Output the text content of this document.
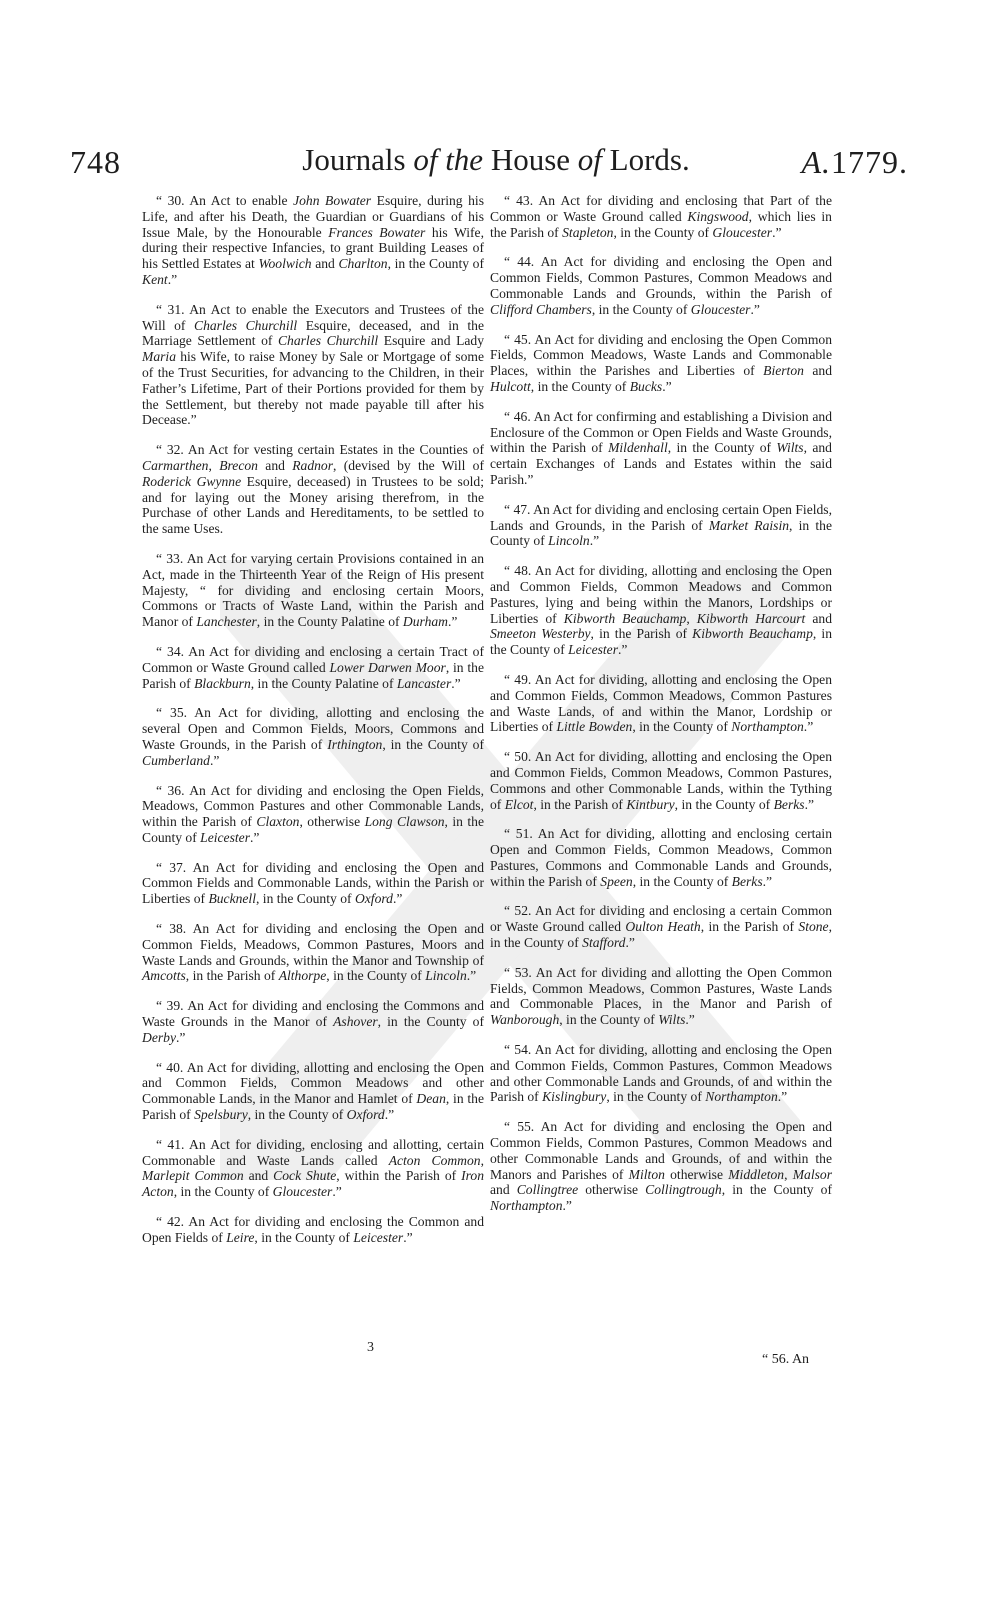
748	Journals of the House of Lords.	A.1779.

“ 30. An Act to enable John Bowater Esquire, during his Life, and after his Death, the Guardian or Guardians of his Issue Male, by the Honourable Frances Bowater his Wife, during their respective Infancies, to grant Building Leases of his Settled Estates at Woolwich and Charlton, in the County of Kent.”

“ 31. An Act to enable the Executors and Trustees of the Will of Charles Churchill Esquire, deceased, and in the Marriage Settlement of Charles Churchill Esquire and Lady Maria his Wife, to raise Money by Sale or Mortgage of some of the Trust Securities, for advancing to the Children, in their Father’s Lifetime, Part of their Portions provided for them by the Settlement, but thereby not made payable till after his Decease.”

“ 32. An Act for vesting certain Estates in the Counties of Carmarthen, Brecon and Radnor, (devised by the Will of Roderick Gwynne Esquire, deceased) in Trustees to be sold; and for laying out the Money arising therefrom, in the Purchase of other Lands and Hereditaments, to be settled to the same Uses.

“ 33. An Act for varying certain Provisions contained in an Act, made in the Thirteenth Year of the Reign of His present Majesty, “ for dividing and enclosing certain Moors, Commons or Tracts of Waste Land, within the Parish and Manor of Lanchester, in the County Palatine of Durham.”

“ 34. An Act for dividing and enclosing a certain Tract of Common or Waste Ground called Lower Darwen Moor, in the Parish of Blackburn, in the County Palatine of Lancaster.”

“ 35. An Act for dividing, allotting and enclosing the several Open and Common Fields, Moors, Commons and Waste Grounds, in the Parish of Irthington, in the County of Cumberland.”

“ 36. An Act for dividing and enclosing the Open Fields, Meadows, Common Pastures and other Commonable Lands, within the Parish of Claxton, otherwise Long Clawson, in the County of Leicester.”

“ 37. An Act for dividing and enclosing the Open and Common Fields and Commonable Lands, within the Parish or Liberties of Bucknell, in the County of Oxford.”

“ 38. An Act for dividing and enclosing the Open and Common Fields, Meadows, Common Pastures, Moors and Waste Lands and Grounds, within the Manor and Township of Amcotts, in the Parish of Althorpe, in the County of Lincoln.”

“ 39. An Act for dividing and enclosing the Commons and Waste Grounds in the Manor of Ashover, in the County of Derby.”

“ 40. An Act for dividing, allotting and enclosing the Open and Common Fields, Common Meadows and other Commonable Lands, in the Manor and Hamlet of Dean, in the Parish of Spelsbury, in the County of Oxford.”

“ 41. An Act for dividing, enclosing and allotting, certain Commonable and Waste Lands called Acton Common, Marlepit Common and Cock Shute, within the Parish of Iron Acton, in the County of Gloucester.”

“ 42. An Act for dividing and enclosing the Common and Open Fields of Leire, in the County of Leicester.”

“ 43. An Act for dividing and enclosing that Part of the Common or Waste Ground called Kingswood, which lies in the Parish of Stapleton, in the County of Gloucester.”

“ 44. An Act for dividing and enclosing the Open and Common Fields, Common Pastures, Common Meadows and Commonable Lands and Grounds, within the Parish of Clifford Chambers, in the County of Gloucester.”

“ 45. An Act for dividing and enclosing the Open Common Fields, Common Meadows, Waste Lands and Commonable Places, within the Parishes and Liberties of Bierton and Hulcott, in the County of Bucks.”

“ 46. An Act for confirming and establishing a Division and Enclosure of the Common or Open Fields and Waste Grounds, within the Parish of Mildenhall, in the County of Wilts, and certain Exchanges of Lands and Estates within the said Parish.”

“ 47. An Act for dividing and enclosing certain Open Fields, Lands and Grounds, in the Parish of Market Raisin, in the County of Lincoln.”

“ 48. An Act for dividing, allotting and enclosing the Open and Common Fields, Common Meadows and Common Pastures, lying and being within the Manors, Lordships or Liberties of Kibworth Beauchamp, Kibworth Harcourt and Smeeton Westerby, in the Parish of Kibworth Beauchamp, in the County of Leicester.”

“ 49. An Act for dividing, allotting and enclosing the Open and Common Fields, Common Meadows, Common Pastures and Waste Lands, of and within the Manor, Lordship or Liberties of Little Bowden, in the County of Northampton.”

“ 50. An Act for dividing, allotting and enclosing the Open and Common Fields, Common Meadows, Common Pastures, Commons and other Commonable Lands, within the Tything of Elcot, in the Parish of Kintbury, in the County of Berks.”

“ 51. An Act for dividing, allotting and enclosing certain Open and Common Fields, Common Meadows, Common Pastures, Commons and Commonable Lands and Grounds, within the Parish of Speen, in the County of Berks.”

“ 52. An Act for dividing and enclosing a certain Common or Waste Ground called Oulton Heath, in the Parish of Stone, in the County of Stafford.”

“ 53. An Act for dividing and allotting the Open Common Fields, Common Meadows, Common Pastures, Waste Lands and Commonable Places, in the Manor and Parish of Wanborough, in the County of Wilts.”

“ 54. An Act for dividing, allotting and enclosing the Open and Common Fields, Common Pastures, Common Meadows and other Commonable Lands and Grounds, of and within the Parish of Kislingbury, in the County of Northampton.”

“ 55. An Act for dividing and enclosing the Open and Common Fields, Common Pastures, Common Meadows and other Commonable Lands and Grounds, of and within the Manors and Parishes of Milton otherwise Middleton, Malsor and Collingtree otherwise Collingtrough, in the County of Northampton.”

3
“ 56. An
